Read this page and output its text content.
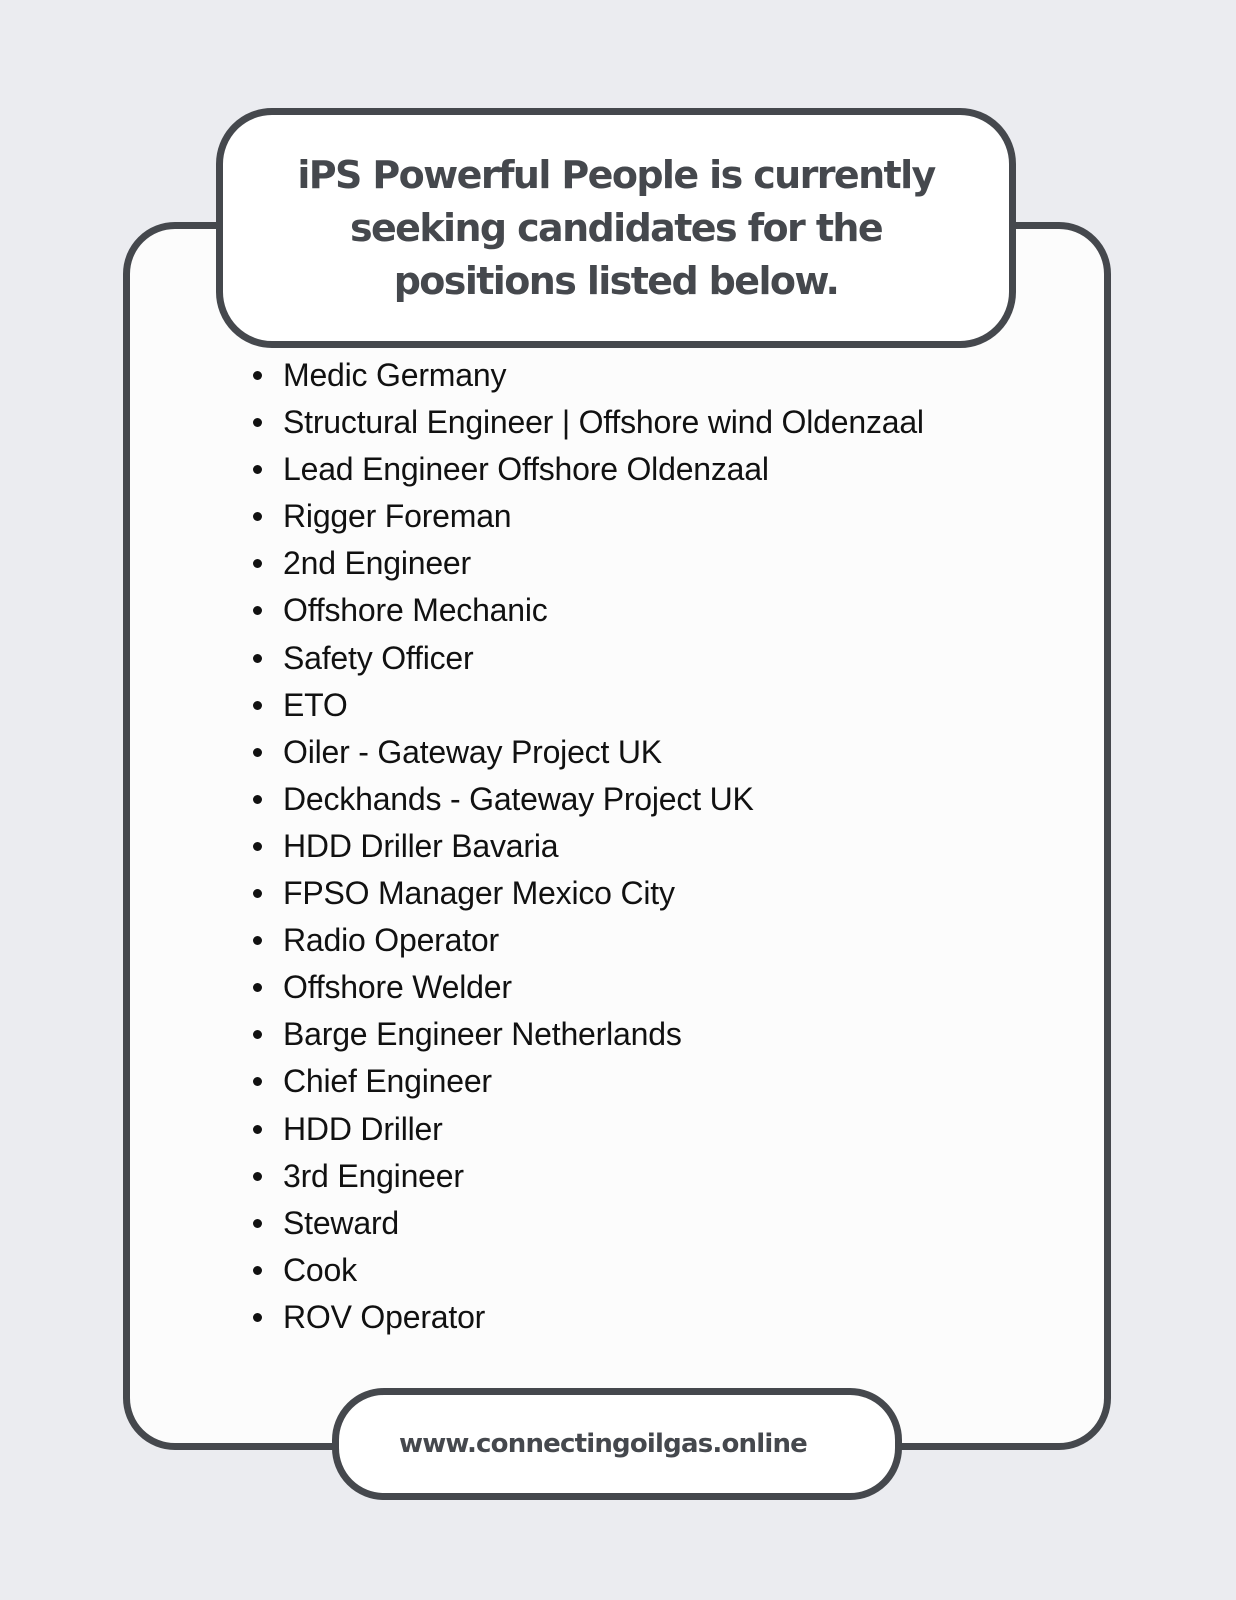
iPS Powerful People is currently seeking candidates for the positions listed below.
Medic Germany
Structural Engineer | Offshore wind Oldenzaal
Lead Engineer Offshore Oldenzaal
Rigger Foreman
2nd Engineer
Offshore Mechanic
Safety Officer
ETO
Oiler - Gateway Project UK
Deckhands - Gateway Project UK
HDD Driller Bavaria
FPSO Manager Mexico City
Radio Operator
Offshore Welder
Barge Engineer Netherlands
Chief Engineer
HDD Driller
3rd Engineer
Steward
Cook
ROV Operator
www.connectingoilgas.online
